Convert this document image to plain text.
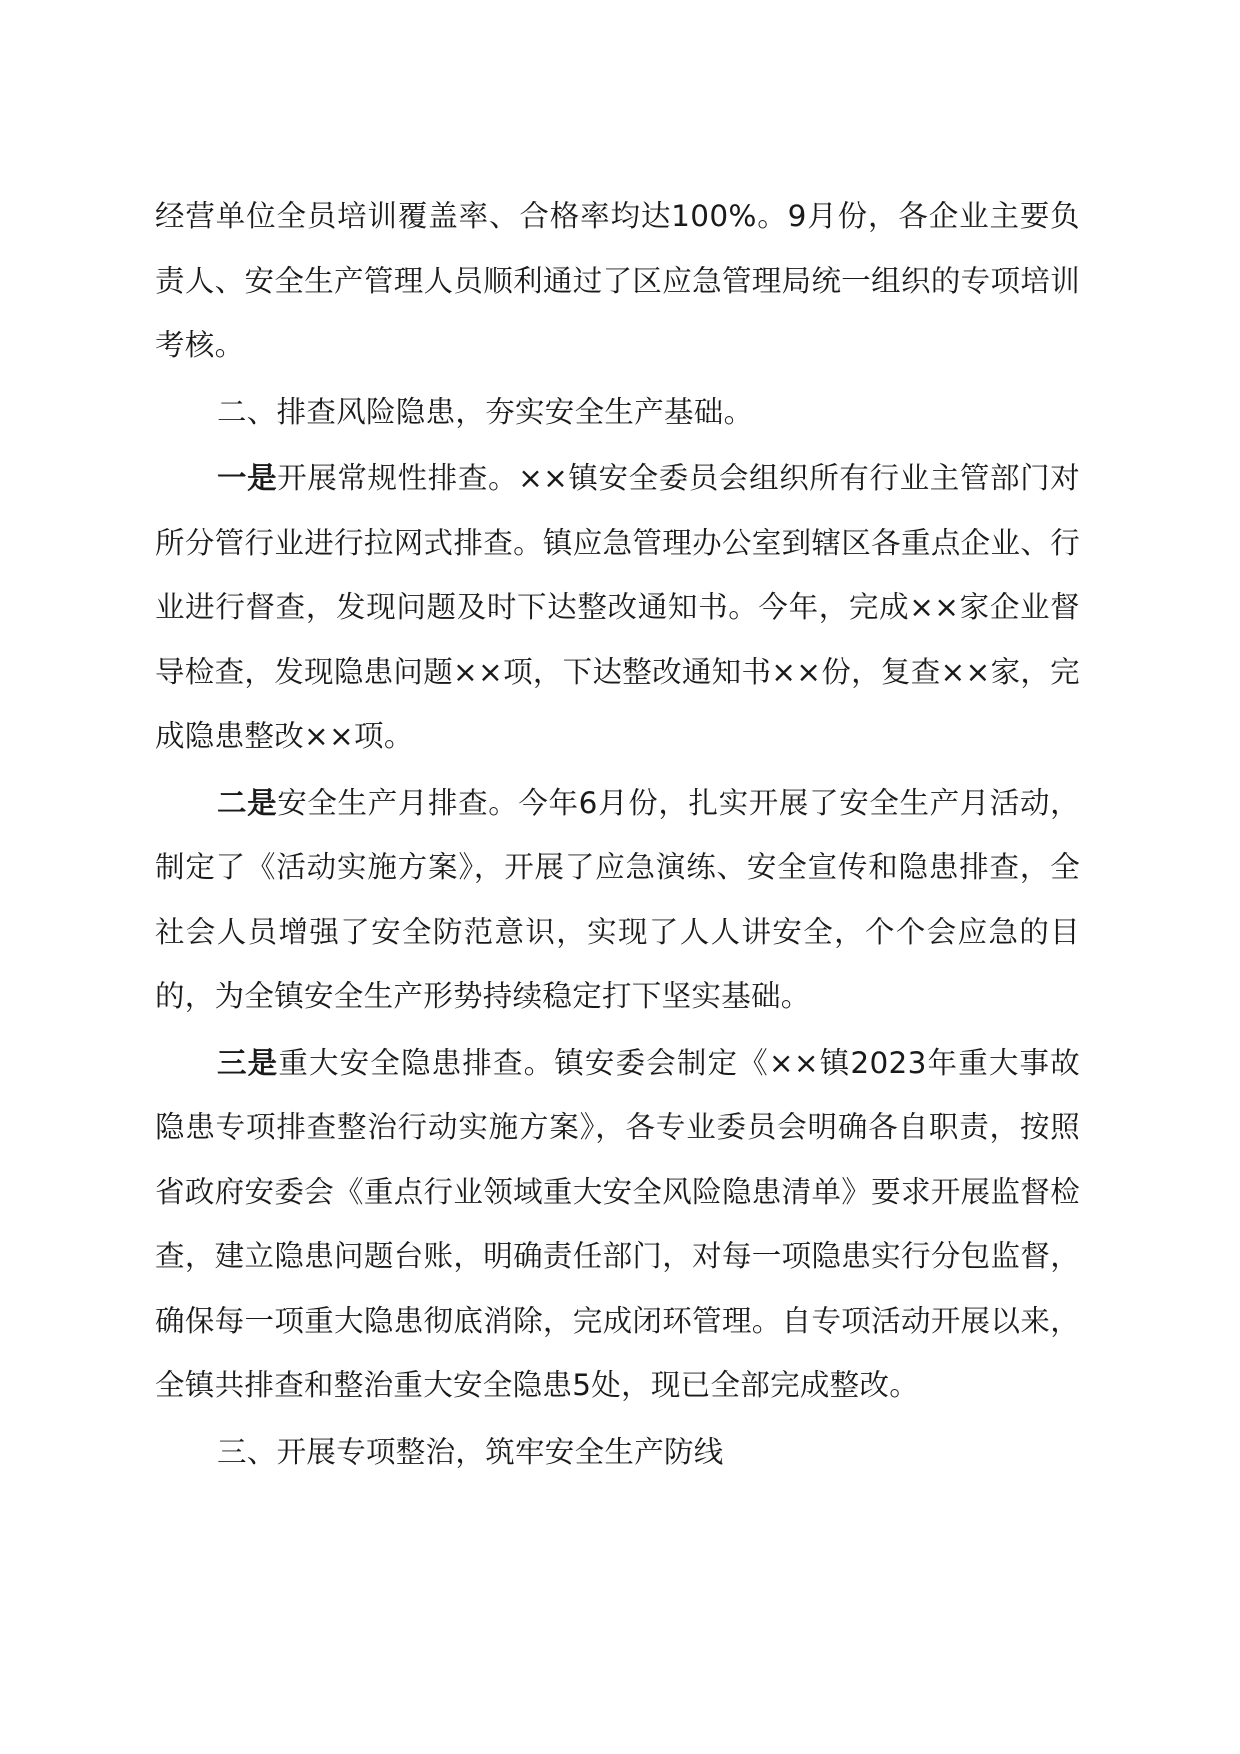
经营单位全员培训覆盖率、合格率均达100%。9月份，各企业主要负责人、安全生产管理人员顺利通过了区应急管理局统一组织的专项培训考核。

二、排查风险隐患，夯实安全生产基础。

一是开展常规性排查。××镇安全委员会组织所有行业主管部门对所分管行业进行拉网式排查。镇应急管理办公室到辖区各重点企业、行业进行督查，发现问题及时下达整改通知书。今年，完成××家企业督导检查，发现隐患问题××项，下达整改通知书××份，复查××家，完成隐患整改××项。

二是安全生产月排查。今年6月份，扎实开展了安全生产月活动，制定了《活动实施方案》，开展了应急演练、安全宣传和隐患排查，全社会人员增强了安全防范意识，实现了人人讲安全，个个会应急的目的，为全镇安全生产形势持续稳定打下坚实基础。

三是重大安全隐患排查。镇安委会制定《××镇2023年重大事故隐患专项排查整治行动实施方案》，各专业委员会明确各自职责，按照省政府安委会《重点行业领域重大安全风险隐患清单》要求开展监督检查，建立隐患问题台账，明确责任部门，对每一项隐患实行分包监督，确保每一项重大隐患彻底消除，完成闭环管理。自专项活动开展以来，全镇共排查和整治重大安全隐患5处，现已全部完成整改。

三、开展专项整治，筑牢安全生产防线
